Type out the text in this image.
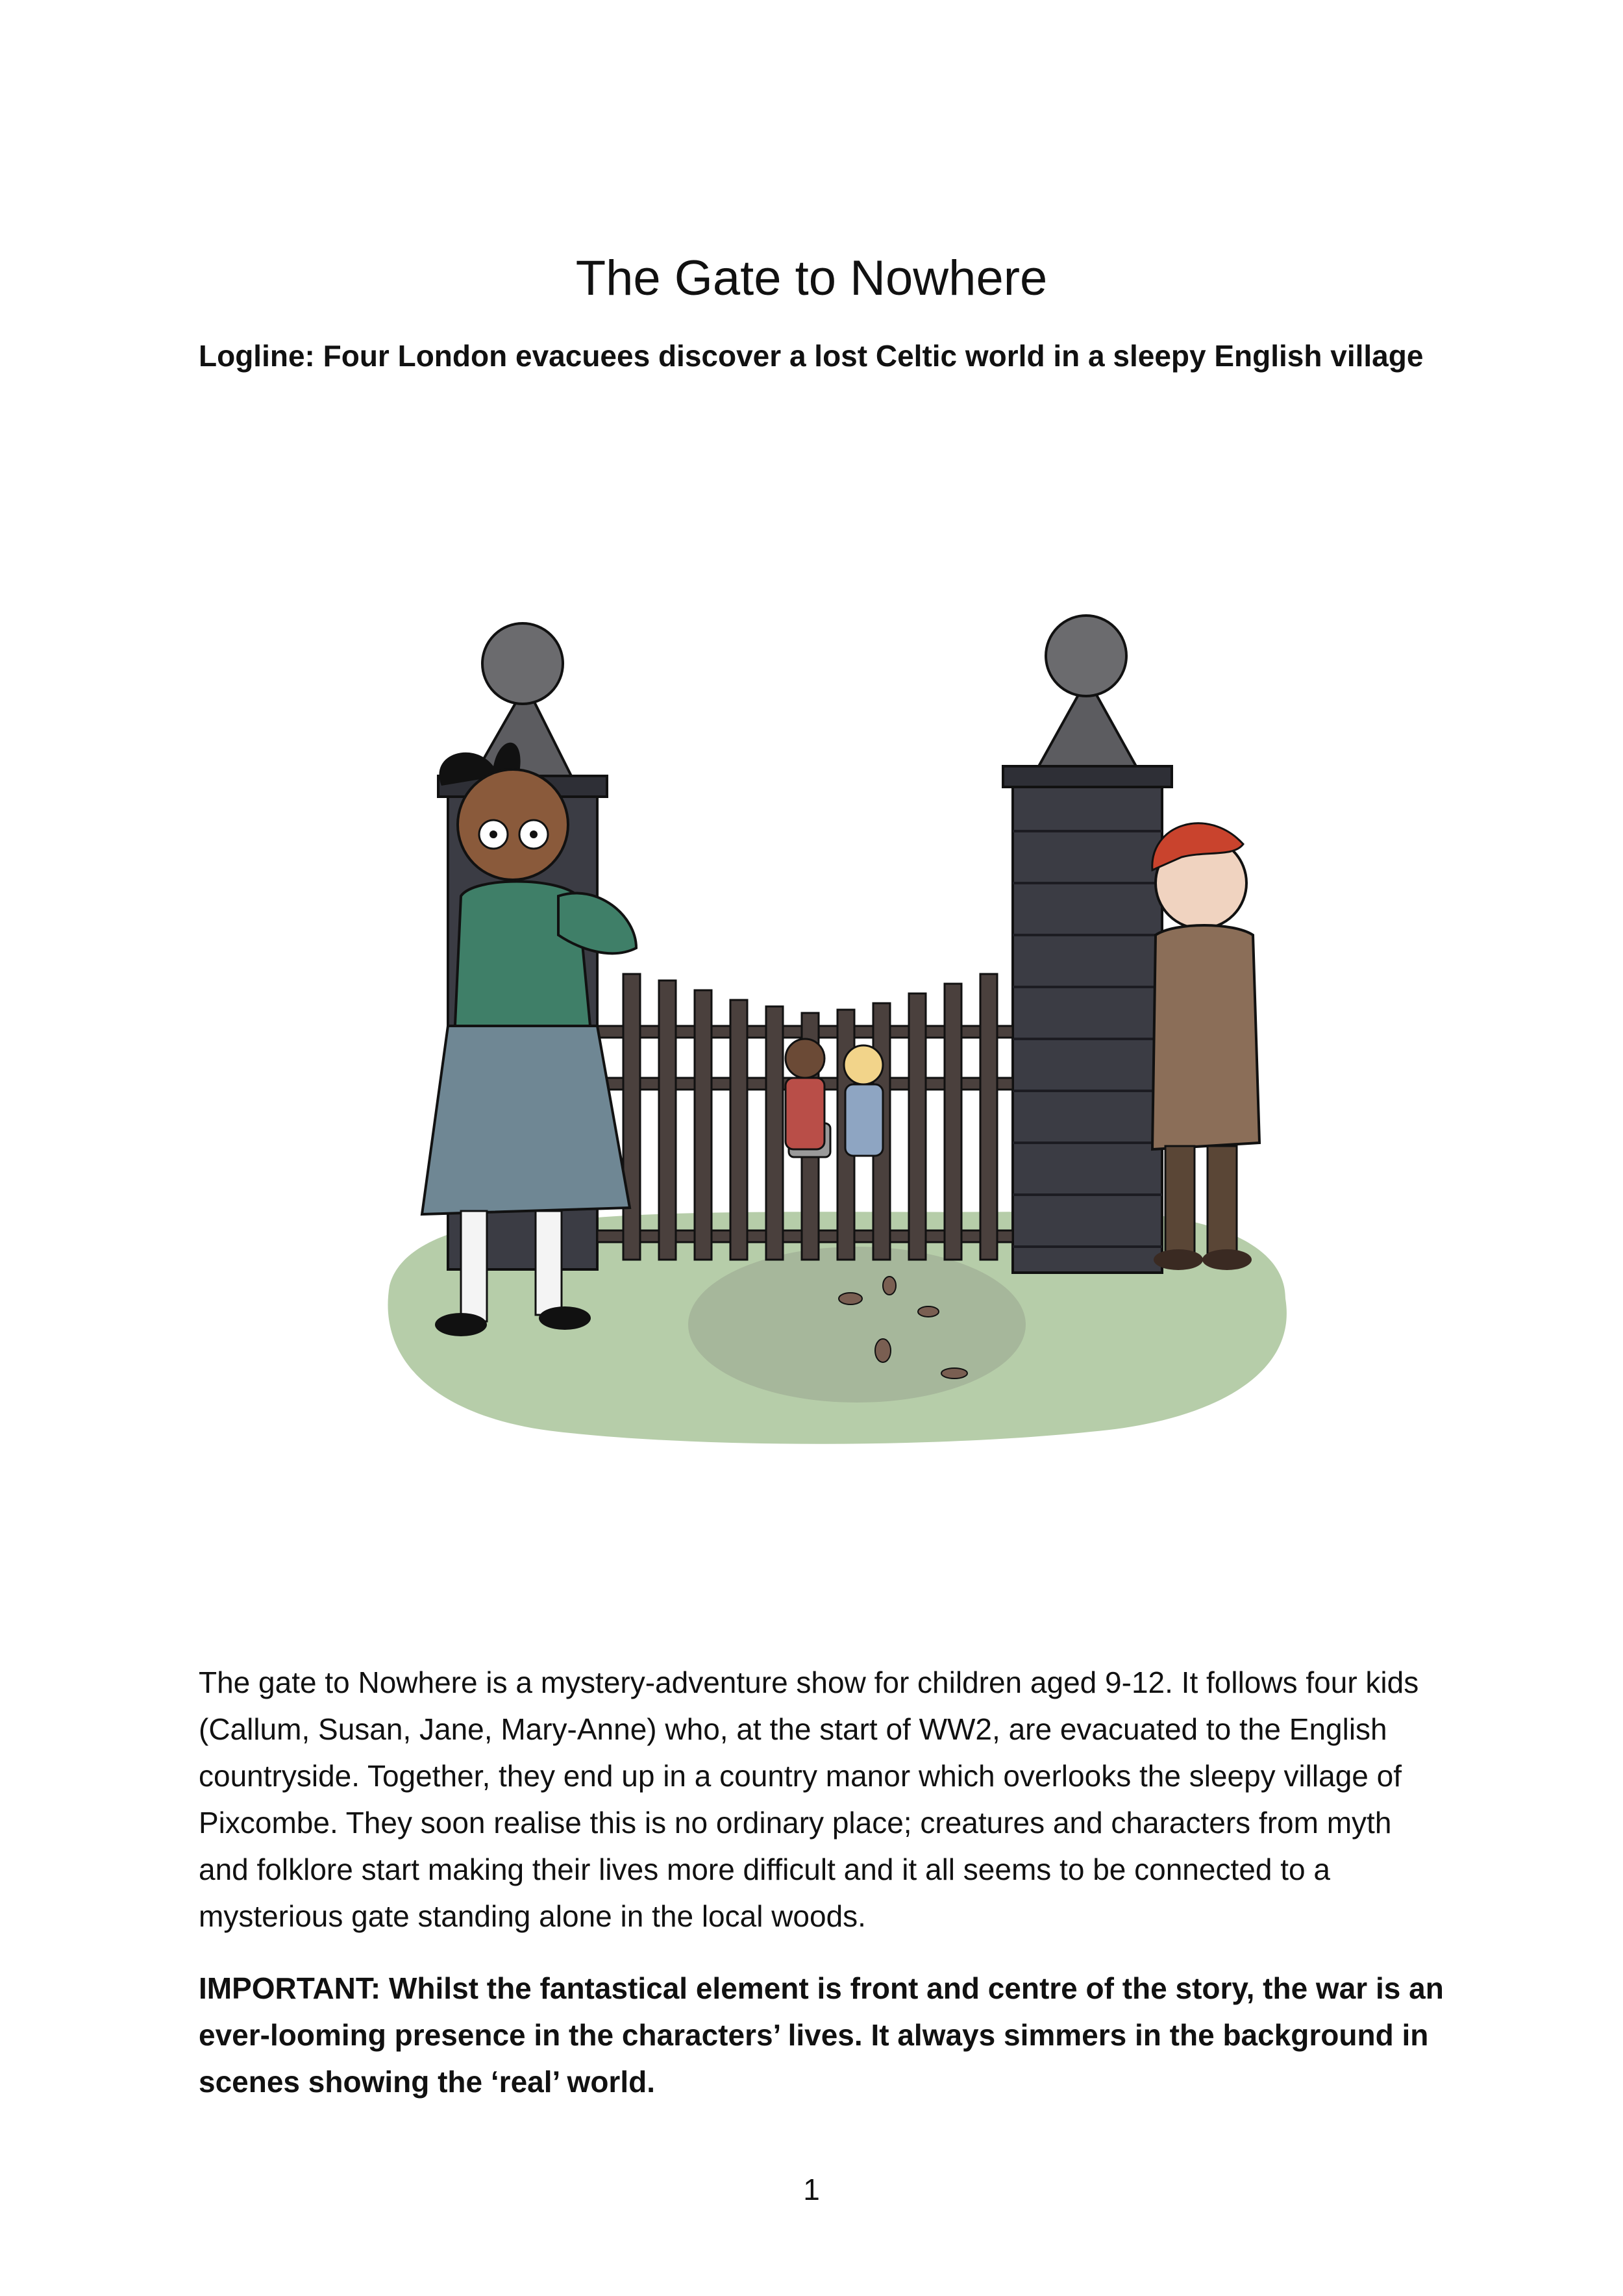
The Gate to Nowhere

Logline: Four London evacuees discover a lost Celtic world in a sleepy English village

The gate to Nowhere is a mystery-adventure show for children aged 9-12. It follows four kids (Callum, Susan, Jane, Mary-Anne) who, at the start of WW2, are evacuated to the English countryside. Together, they end up in a country manor which overlooks the sleepy village of Pixcombe. They soon realise this is no ordinary place; creatures and characters from myth and folklore start making their lives more difficult and it all seems to be connected to a mysterious gate standing alone in the local woods.

IMPORTANT: Whilst the fantastical element is front and centre of the story, the war is an ever-looming presence in the characters’ lives. It always simmers in the background in scenes showing the ‘real’ world.

1
